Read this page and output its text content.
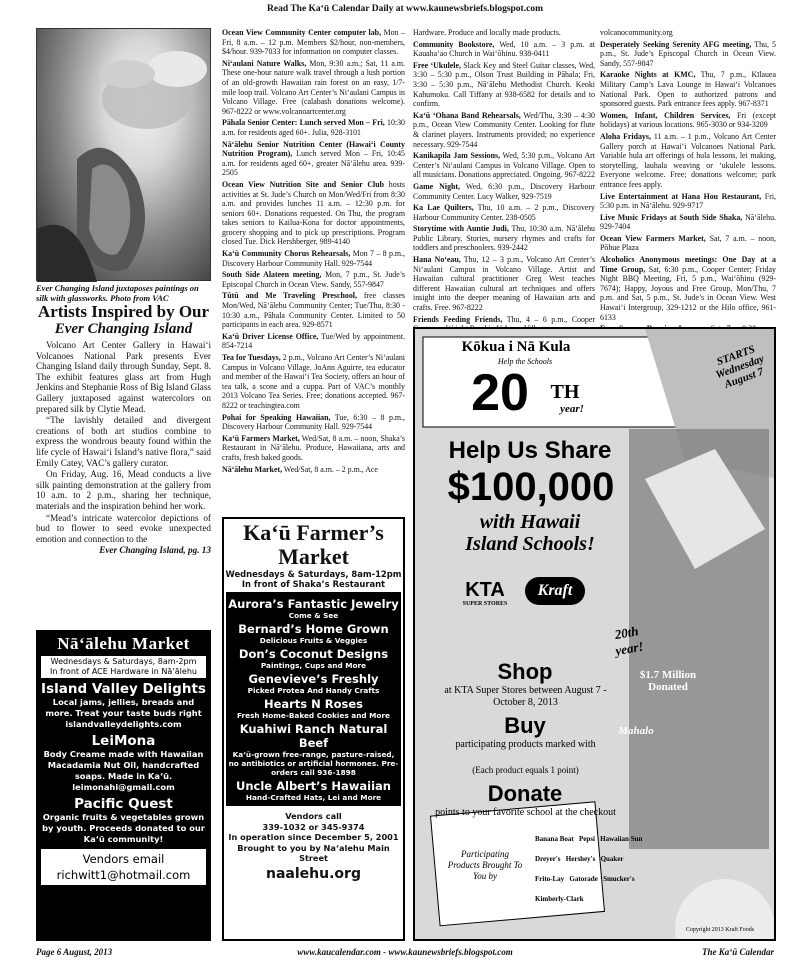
Read The Ka‘ū Calendar Daily at www.kaunewsbriefs.blogspot.com
Ever Changing Island juxtaposes paintings on silk with glassworks. Photo from VAC
Artists Inspired by Our
Ever Changing Island

Volcano Art Center Gallery in Hawai‘i Volcanoes National Park presents Ever Changing Island daily through Sunday, Sept. 8. The exhibit features glass art from Hugh Jenkins and Stephanie Ross of Big Island Glass Gallery juxtaposed against watercolors on prepared silk by Clytie Mead.

“The lavishly detailed and divergent creations of both art studios combine to express the wondrous beauty found within the life cycle of Hawai‘i Island’s native flora,” said Emily Catey, VAC’s gallery curator.

On Friday, Aug. 16, Mead conducts a live silk painting demonstration at the gallery from 10 a.m. to 2 p.m., sharing her technique, materials and the inspiration behind her work.

“Mead’s intricate watercolor depictions of bud to flower to seed evoke unexpected emotion and connection to the

Ever Changing Island, pg. 13
Nā‘ālehu Market
Wednesdays & Saturdays, 8am-2pm
In front of ACE Hardware in Nā‘ālehu
Island Valley Delights
Local jams, jellies, breads and more. Treat your taste buds right islandvalleydelights.com
LeiMona
Body Creame made with Hawaiian Macadamia Nut Oil, handcrafted soaps. Made in Ka‘ū. leimonahi@gmail.com
Pacific Quest
Organic fruits & vegetables grown by youth. Proceeds donated to our Ka‘ū community!
Vendors email
richwitt1@hotmail.com

Ocean View Community Center computer lab, Mon – Fri, 8 a.m. – 12 p.m. Members $2/hour, non-members, $4/hour. 939-7033 for information on computer classes.

Ni‘aulani Nature Walks, Mon, 9:30 a.m.; Sat, 11 a.m. These one-hour nature walk travel through a lush portion of an old-growth Hawaiian rain forest on an easy, 1/7-mile loop trail. Volcano Art Center’s Ni‘aulani Campus in Volcano Village. Free (calabash donations welcome). 967-8222 or www.volcanoartcenter.org

Pāhala Senior Center: Lunch served Mon – Fri, 10:30 a.m. for residents aged 60+. Julia, 928-3101

Nā‘ālehu Senior Nutrition Center (Hawai‘i County Nutrition Program), Lunch served Mon – Fri, 10:45 a.m. for residents aged 60+, greater Nā‘ālehu area. 939-2505

Ocean View Nutrition Site and Senior Club hosts activities at St. Jude’s Church on Mon/Wed/Fri from 8:30 a.m. and provides lunches 11 a.m. – 12:30 p.m. for seniors 60+. Donations requested. On Thu, the program takes seniors to Kailua-Kona for doctor appointments, grocery shopping and to pick up prescriptions. Program closed Tue. Dick Hershberger, 989-4140

Ka‘ū Community Chorus Rehearsals, Mon 7 – 8 p.m., Discovery Harbour Community Hall. 929-7544

South Side Alateen meeting, Mon, 7 p.m., St. Jude’s Episcopal Church in Ocean View. Sandy, 557-9847

Tūtū and Me Traveling Preschool, free classes Mon/Wed, Nā‘ālehu Community Center; Tue/Thu, 8:30 - 10:30 a.m., Pāhala Community Center. Limited to 50 participants in each area. 929-8571

Ka‘ū Driver License Office, Tue/Wed by appointment. 854-7214

Tea for Tuesdays, 2 p.m., Volcano Art Center’s Ni‘aulani Campus in Volcano Village. JoAnn Aguirre, tea educator and member of the Hawai‘i Tea Society, offers an hour of tea talk, a scone and a cuppa. Part of VAC’s monthly 2013 Volcano Tea Series. Free; donations accepted. 967-8222 or teachingtea.com

Pohai for Speaking Hawaiian, Tue, 6:30 – 8 p.m., Discovery Harbour Community Hall. 929-7544

Ka‘ū Farmers Market, Wed/Sat, 8 a.m. – noon, Shaka’s Restaurant in Nā‘ālehu. Produce, Hawaiiana, arts and crafts, fresh baked goods.

Nā‘ālehu Market, Wed/Sat, 8 a.m. – 2 p.m., Ace

Hardware. Produce and locally made products.

Community Bookstore, Wed, 10 a.m. – 3 p.m. at Kauaha‘ao Church in Wai‘ōhinu. 938-0411

Free ‘Ukulele, Slack Key and Steel Guitar classes, Wed, 3:30 – 5:30 p.m., Olson Trust Building in Pāhala; Fri, 3:30 – 5:30 p.m., Nā‘ālehu Methodist Church. Keoki Kahumoku. Call Tiffany at 938-6582 for details and to confirm.

Ka‘ū ‘Ohana Band Rehearsals, Wed/Thu, 3:30 – 4:30 p.m., Ocean View Community Center. Looking for flute & clarinet players. Instruments provided; no experience necessary. 929-7544

Kanikapila Jam Sessions, Wed, 5:30 p.m., Volcano Art Center’s Ni‘aulani Campus in Volcano Village. Open to all musicians. Donations appreciated. Ongoing. 967-8222

Game Night, Wed, 6:30 p.m., Discovery Harbour Community Center. Lucy Walker, 929-7519

Ka Lae Quilters, Thu, 10 a.m. – 2 p.m., Discovery Harbour Community Center. 238-0505

Storytime with Auntie Judi, Thu, 10:30 a.m. Nā‘ālehu Public Library. Stories, nursery rhymes and crafts for toddlers and preschoolers. 939-2442

Hana No‘eau, Thu, 12 – 3 p.m., Volcano Art Center’s Ni‘aulani Campus in Volcano Village. Artist and Hawaiian cultural practitioner Greg West teaches different Hawaiian cultural art techniques and offers insight into the deeper meaning of Hawaiian arts and crafts. Free. 967-8222

Friends Feeding Friends, Thu, 4 – 6 p.m., Cooper

volcanocommunity.org

Desperately Seeking Serenity AFG meeting, Thu, 5 p.m., St. Jude’s Episcopal Church in Ocean View. Sandy, 557-9847

Karaoke Nights at KMC, Thu, 7 p.m., Kīlauea Military Camp’s Lava Lounge in Hawai‘i Volcanoes National Park. Open to authorized patrons and sponsored guests. Park entrance fees apply. 967-8371

Women, Infant, Children Services, Fri (except holidays) at various locations. 965-3030 or 934-3209

Aloha Fridays, 11 a.m. – 1 p.m., Volcano Art Center Gallery porch at Hawai‘i Volcanoes National Park. Variable hula art offerings of hula lessons, lei making, storytelling, lauhala weaving or ‘ukulele lessons. Everyone welcome. Free; donations welcome; park entrance fees apply.

Live Entertainment at Hana Hou Restaurant, Fri, 5:30 p.m. in Nā‘ālehu. 929-9717

Live Music Fridays at South Side Shaka, Nā‘ālehu. 929-7404

Ocean View Farmers Market, Sat, 7 a.m. – noon, Pōhue Plaza

Alcoholics Anonymous meetings: One Day at a Time Group, Sat, 6:30 p.m., Cooper Center; Friday Night BBQ Meeting, Fri, 5 p.m., Wai‘ōhinu (929-7674); Happy, Joyous and Free Group, Mon/Thu, 7 p.m. and Sat, 5 p.m., St. Jude’s in Ocean View. West Hawai‘i Intergroup, 329-1212 or the Hilo office, 961-6133

Ka‘ū Farmer’s Market
Wednesdays & Saturdays, 8am-12pm
In front of Shaka’s Restaurant
Aurora’s Fantastic Jewelry
Come & See
Bernard’s Home Grown
Delicious Fruits & Veggies
Don’s Coconut Designs
Paintings, Cups and More
Genevieve’s Freshly
Picked Protea And Handy Crafts
Hearts N Roses
Fresh Home-Baked Cookies and More
Kuahiwi Ranch Natural Beef
Ka‘ū-grown free-range, pasture-raised, no antibiotics or artificial hormones. Pre-orders call 936-1898
Uncle Albert’s Hawaiian
Hand-Crafted Hats, Lei and More
Vendors call
339-1032 or 345-9374
In operation since December 5, 2001
Brought to you by Na‘alehu Main Street
naalehu.org
Kōkua i Nā Kula
Help the Schools
20	TH
year!
STARTS Wednesday August 7
Help Us Share
$100,000
with Hawaii
Island Schools!
KTA
SUPER STORES
Kraft
20th year!
$1.7 Million Donated
Mahalo
Shop
at KTA Super Stores between August 7 - October 8, 2013
Buy
participating products marked with
(Each product equals 1 point)
Donate
points to your favorite school at the checkout
Participating Products Brought To You by
Banana Boat Pepsi Hawaiian Sun
Dreyer's Hershey's Quaker
Frito-Lay Gatorade Smucker's
Kimberly-Clark
Copyright 2013 Kraft Foods
Page 6 August, 2013	www.kaucalendar.com - www.kaunewsbriefs.blogspot.com	The Ka‘ū Calendar
